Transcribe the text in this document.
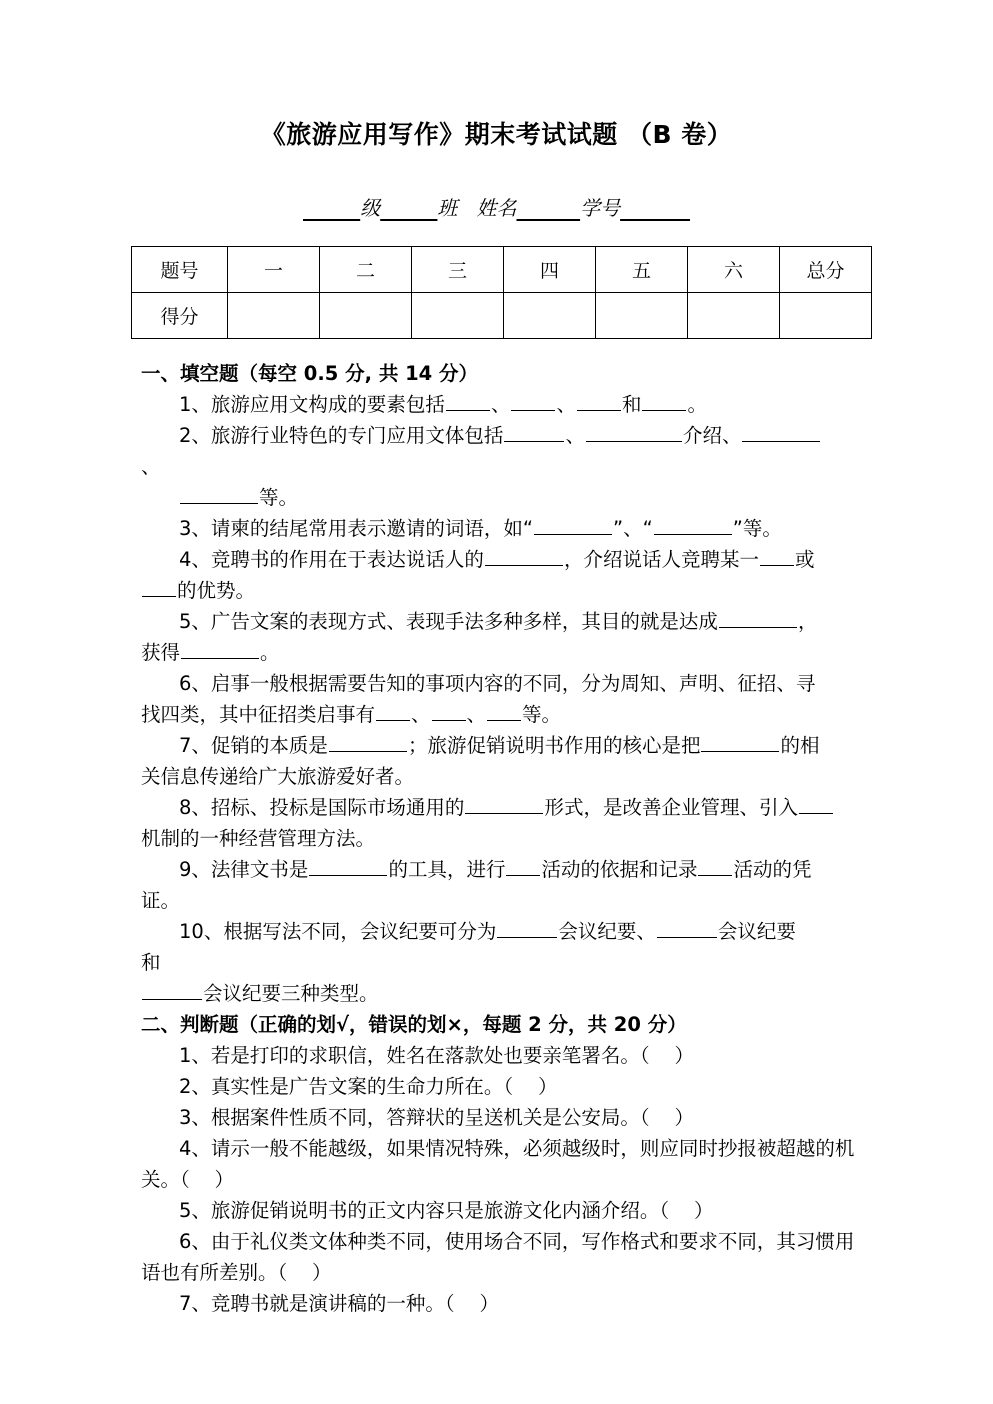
《旅游应用写作》期末考试试题 （B 卷）
级	班 姓名	学号
题号	一	二	三	四	五	六	总分
得分							
一、填空题（每空 0.5 分, 共 14 分）
1、旅游应用文构成的要素包括 、 、 和 。
2、旅游行业特色的专门应用文体包括	、	介绍、
、
等。
3、请柬的结尾常用表示邀请的词语，如“	”、“	”等。
4、竞聘书的作用在于表达说话人的	，介绍说话人竞聘某一 或
的优势。
5、广告文案的表现方式、表现手法多种多样，其目的就是达成	，
获得	。
6、启事一般根据需要告知的事项内容的不同，分为周知、声明、征招、寻
找四类，其中征招类启事有 、 、 等。
7、促销的本质是	；旅游促销说明书作用的核心是把	的相
关信息传递给广大旅游爱好者。
8、招标、投标是国际市场通用的	形式，是改善企业管理、引入
机制的一种经营管理方法。
9、法律文书是	的工具，进行 活动的依据和记录 活动的凭
证。
10、根据写法不同，会议纪要可分为	会议纪要、	会议纪要
和
会议纪要三种类型。
二、判断题（正确的划√，错误的划×，每题 2 分，共 20 分）
1、若是打印的求职信，姓名在落款处也要亲笔署名。（    ）
2、真实性是广告文案的生命力所在。（    ）
3、根据案件性质不同，答辩状的呈送机关是公安局。（    ）
4、请示一般不能越级，如果情况特殊，必须越级时，则应同时抄报被超越的机关。（    ）
5、旅游促销说明书的正文内容只是旅游文化内涵介绍。（    ）
6、由于礼仪类文体种类不同，使用场合不同，写作格式和要求不同，其习惯用语也有所差别。（    ）
7、竞聘书就是演讲稿的一种。（    ）
